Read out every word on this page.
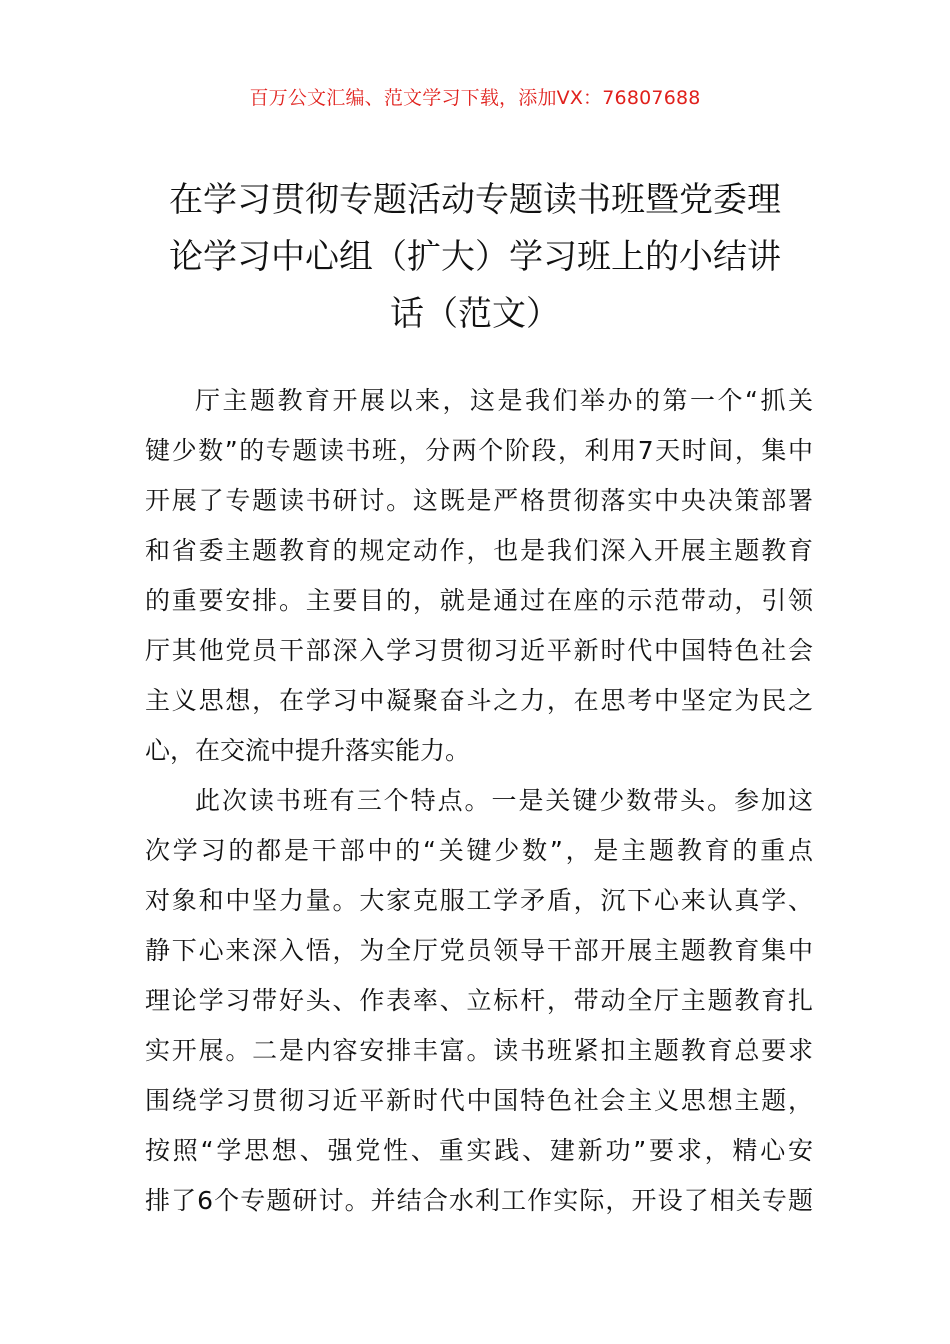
百万公文汇编、范文学习下载，添加VX：76807688
在学习贯彻专题活动专题读书班暨党委理
论学习中心组（扩大）学习班上的小结讲
话（范文）
厅主题教育开展以来，这是我们举办的第一个“抓关
键少数”的专题读书班，分两个阶段，利用7天时间，集中
开展了专题读书研讨。这既是严格贯彻落实中央决策部署
和省委主题教育的规定动作，也是我们深入开展主题教育
的重要安排。主要目的，就是通过在座的示范带动，引领
厅其他党员干部深入学习贯彻习近平新时代中国特色社会
主义思想，在学习中凝聚奋斗之力，在思考中坚定为民之
心，在交流中提升落实能力。
此次读书班有三个特点。一是关键少数带头。参加这
次学习的都是干部中的“关键少数”，是主题教育的重点
对象和中坚力量。大家克服工学矛盾，沉下心来认真学、
静下心来深入悟，为全厅党员领导干部开展主题教育集中
理论学习带好头、作表率、立标杆，带动全厅主题教育扎
实开展。二是内容安排丰富。读书班紧扣主题教育总要求
围绕学习贯彻习近平新时代中国特色社会主义思想主题，
按照“学思想、强党性、重实践、建新功”要求，精心安
排了6个专题研讨。并结合水利工作实际，开设了相关专题
